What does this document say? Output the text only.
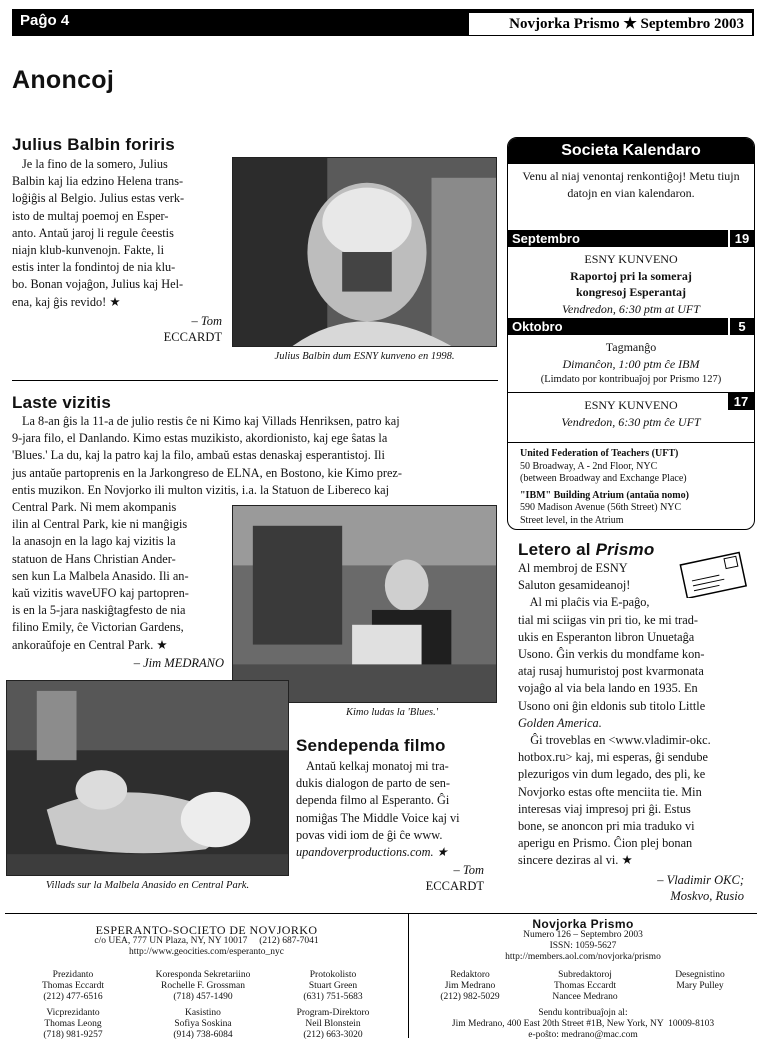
Paĝo 4	Novjorka Prismo ★ Septembro 2003
Anoncoj
Julius Balbin foriris
Je la fino de la somero, Julius
Balbin kaj lia edzino Helena trans-
loĝiĝis al Belgio. Julius estas verk-
isto de multaj poemoj en Esper-
anto. Antaŭ jaroj li regule ĉeestis
niajn klub-kunvenojn. Fakte, li
estis inter la fondintoj de nia klu-
bo. Bonan vojaĝon, Julius kaj Hel-
ena, kaj ĝis revido! ★
– Tom
ECCARDT
Julius Balbin dum ESNY kunveno en 1998.
Laste vizitis
La 8-an ĝis la 11-a de julio restis ĉe ni Kimo kaj Villads Henriksen, patro kaj
9-jara filo, el Danlando. Kimo estas muzikisto, akordionisto, kaj ege ŝatas la
'Blues.' La du, kaj la patro kaj la filo, ambaŭ estas denaskaj esperantistoj. Ili
jus antaŭe partoprenis en la Jarkongreso de ELNA, en Bostono, kie Kimo prez-
entis muzikon. En Novjorko ili multon vizitis, i.a. la Statuon de Libereco kaj
Central Park. Ni mem akompanis
ilin al Central Park, kie ni manĝigis
la anasojn en la lago kaj vizitis la
statuon de Hans Christian Ander-
sen kun La Malbela Anasido. Ili an-
kaŭ vizitis waveUFO kaj partopren-
is en la 5-jara naskiĝtagfesto de nia
filino Emily, ĉe Victorian Gardens,
ankoraŭfoje en Central Park. ★
– Jim MEDRANO
Kimo ludas la 'Blues.'
Villads sur la Malbela Anasido en Central Park.
Sendependa filmo
Antaŭ kelkaj monatoj mi tra-
dukis dialogon de parto de sen-
dependa filmo al Esperanto. Ĝi
nomiĝas The Middle Voice kaj vi
povas vidi iom de ĝi ĉe www.
upandoverproductions.com. ★
– Tom
ECCARDT
Societa Kalendaro
Venu al niaj venontaj renkontiĝoj! Metu tiujn datojn en vian kalendaron.
Septembro	19
ESNY KUNVENO
Raportoj pri la someraj
kongresoj Esperantaj
Vendredon, 6:30 ptm at UFT
Oktobro	5
Tagmanĝo
Dimanĉon, 1:00 ptm ĉe IBM
(Limdato por kontribuaĵoj por Prismo 127)
17
ESNY KUNVENO
Vendredon, 6:30 ptm ĉe UFT
United Federation of Teachers (UFT)
50 Broadway, A - 2nd Floor, NYC
(between Broadway and Exchange Place)
"IBM" Building Atrium (antaŭa nomo)
590 Madison Avenue (56th Street) NYC
Street level, in the Atrium
Letero al Prismo
Al membroj de ESNY
Saluton gesamideanoj!
Al mi plaĉis via E-paĝo,
tial mi sciigas vin pri tio, ke mi trad-
ukis en Esperanton libron Unuetaĝa
Usono. Ĝin verkis du mondfame kon-
ataj rusaj humuristoj post kvarmonata
vojaĝo al via bela lando en 1935. En
Usono oni ĝin eldonis sub titolo Little
Golden America.
Ĝi troveblas en <www.vladimir-okc.
hotbox.ru> kaj, mi esperas, ĝi sendube
plezurigos vin dum legado, des pli, ke
Novjorko estas ofte menciita tie. Min
interesas viaj impresoj pri ĝi. Estus
bone, se anoncon pri mia traduko vi
aperigu en Prismo. Ĉion plej bonan
sincere deziras al vi. ★
– Vladimir OKC;
Moskvo, Rusio
ESPERANTO-SOCIETO DE NOVJORKO
c/o UEA, 777 UN Plaza, NY, NY 10017     (212) 687-7041
http://www.geocities.com/esperanto_nyc
Prezidanto
Thomas Eccardt
(212) 477-6516
Korespondа Sekretariino
Rochelle F. Grossman
(718) 457-1490
Protokolisto
Stuart Green
(631) 751-5683
Vicprezidanto
Thomas Leong
(718) 981-9257
Kasistino
Sofiya Soskina
(914) 738-6084
Program-Direktoro
Neil Blonstein
(212) 663-3020
Novjorka Prismo
Numero 126 – Septembro 2003
ISSN: 1059-5627
http://members.aol.com/novjorka/prismo
Redaktoro
Jim Medrano
(212) 982-5029
Subredaktoroj
Thomas Eccardt
Nancee Medrano
Desegnistino
Mary Pulley
Sendu kontribuaĵojn al:
Jim Medrano, 400 East 20th Street #1B, New York, NY  10009-8103
e-poŝto: medrano@mac.com
